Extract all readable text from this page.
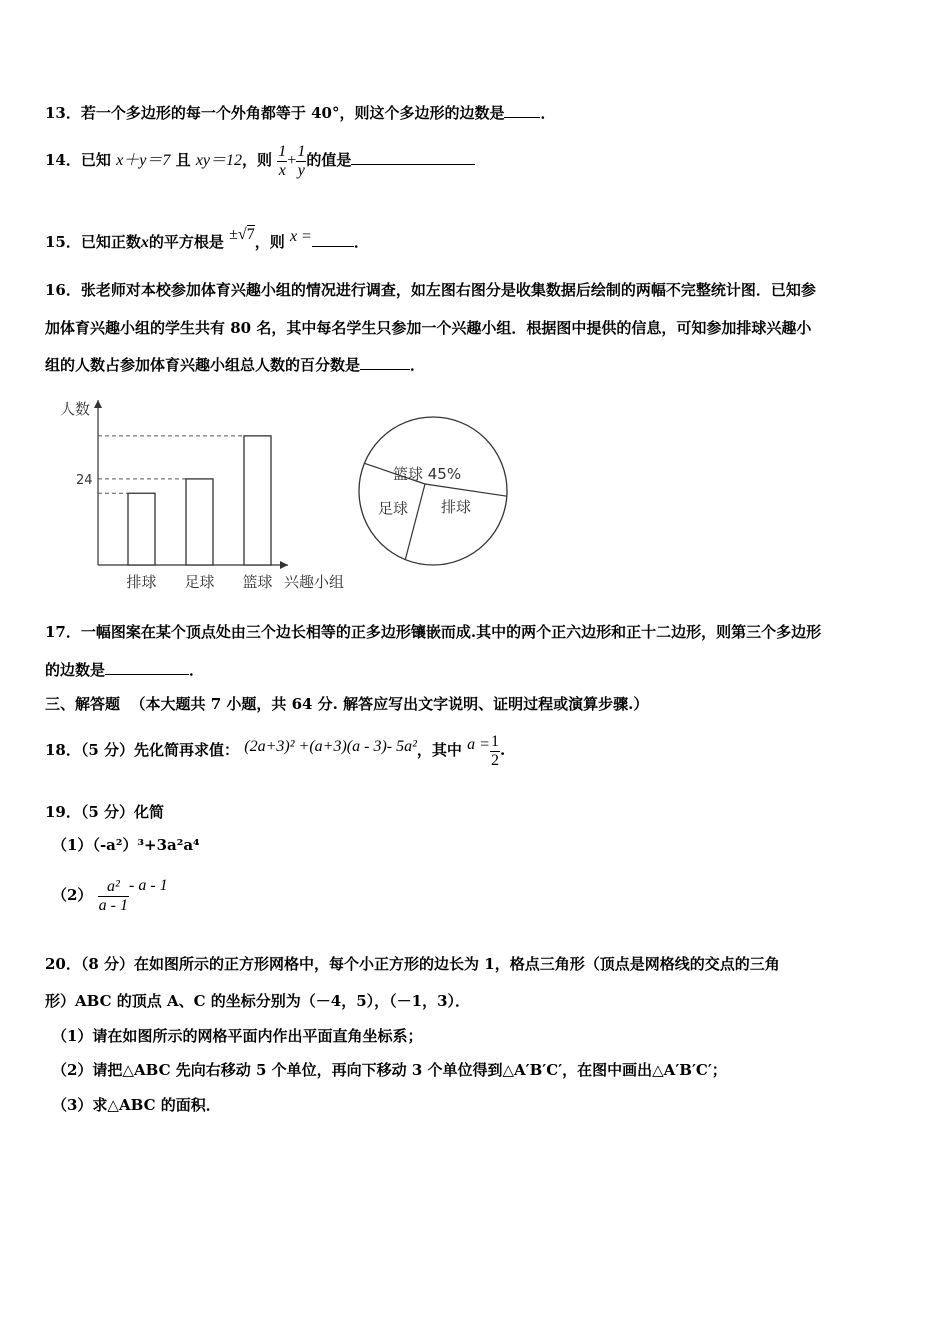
13．若一个多边形的每一个外角都等于 40°，则这个多边形的边数是 ．
14．已知 x＋y＝7 且 xy＝12，则 $\frac{1}{x} + \frac{1}{y}$ 的值是
15．已知正数x的平方根是 ±√7，则 x =	．
16．张老师对本校参加体育兴趣小组的情况进行调查，如左图右图分是收集数据后绘制的两幅不完整统计图．已知参
加体育兴趣小组的学生共有 80 名，其中每名学生只参加一个兴趣小组．根据图中提供的信息，可知参加排球兴趣小
组的人数占参加体育兴趣小组总人数的百分数是	．
人数
兴趣小组
排球 足球 篮球
24	篮球 45%
排球
足球
17．一幅图案在某个顶点处由三个边长相等的正多边形镶嵌而成.其中的两个正六边形和正十二边形，则第三个多边形
的边数是	．
三、解答题 （本大题共 7 小题，共 64 分. 解答应写出文字说明、证明过程或演算步骤.）
18．（5 分）先化简再求值： (2a+3)² +(a+3)(a - 3)- 5a²，其中 $a = \frac{1}{2}$ .
19．（5 分）化简
（1）（-a²）³+3a²a⁴
$(2) \frac{\text{a²}}{a - 1}$ - a - 1
20．（8 分）在如图所示的正方形网格中，每个小正方形的边长为 1，格点三角形（顶点是网格线的交点的三角
形）ABC 的顶点 A、C 的坐标分别为（－4，5），（－1，3）．
（1）请在如图所示的网格平面内作出平面直角坐标系；
（2）请把△ABC 先向右移动 5 个单位，再向下移动 3 个单位得到△A′B′C′，在图中画出△A′B′C′；
（3）求△ABC 的面积．
